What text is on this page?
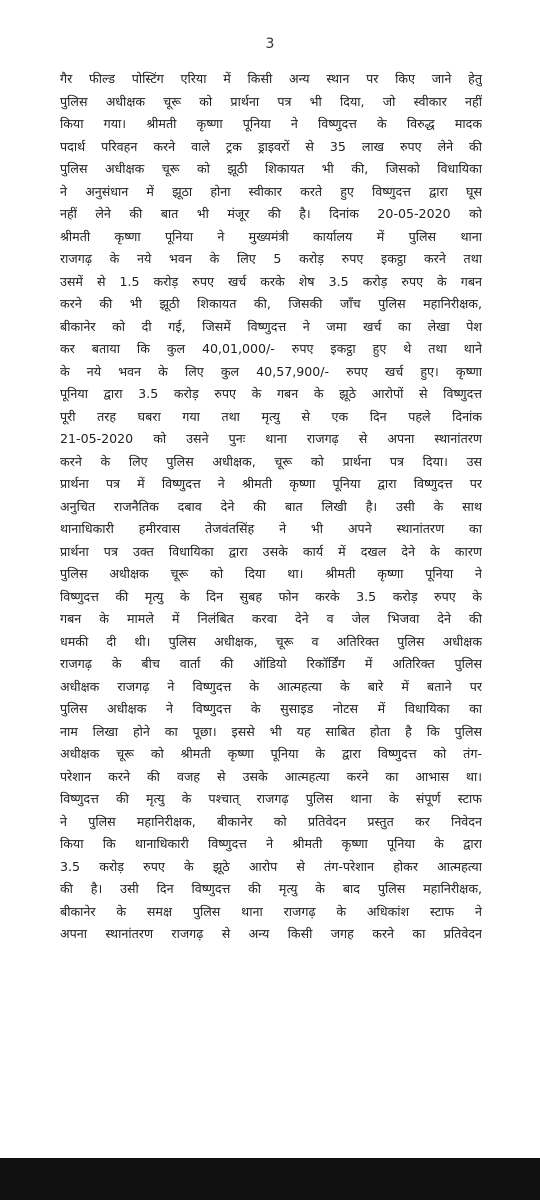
3
गैर फील्ड पोस्टिंग एरिया में किसी अन्य स्थान पर किए जाने हेतु
पुलिस अधीक्षक चूरू को प्रार्थना पत्र भी दिया, जो स्वीकार नहीं
किया गया। श्रीमती कृष्णा पूनिया ने विष्णुदत्त के विरुद्ध मादक
पदार्थ परिवहन करने वाले ट्रक ड्राइवरों से 35 लाख रुपए लेने की
पुलिस अधीक्षक चूरू को झूठी शिकायत भी की, जिसको विधायिका
ने अनुसंधान में झूठा होना स्वीकार करते हुए विष्णुदत्त द्वारा घूस
नहीं लेने की बात भी मंजूर की है। दिनांक 20-05-2020 को
श्रीमती कृष्णा पूनिया ने मुख्यमंत्री कार्यालय में पुलिस थाना
राजगढ़ के नये भवन के लिए 5 करोड़ रुपए इकट्ठा करने तथा
उसमें से 1.5 करोड़ रुपए खर्च करके शेष 3.5 करोड़ रुपए के गबन
करने की भी झूठी शिकायत की, जिसकी जाँच पुलिस महानिरीक्षक,
बीकानेर को दी गई, जिसमें विष्णुदत्त ने जमा खर्च का लेखा पेश
कर बताया कि कुल 40,01,000/- रुपए इकट्ठा हुए थे तथा थाने
के नये भवन के लिए कुल 40,57,900/- रुपए खर्च हुए। कृष्णा
पूनिया द्वारा 3.5 करोड़ रुपए के गबन के झूठे आरोपों से विष्णुदत्त
पूरी तरह घबरा गया तथा मृत्यु से एक दिन पहले दिनांक
21-05-2020 को उसने पुनः थाना राजगढ़ से अपना स्थानांतरण
करने के लिए पुलिस अधीक्षक, चूरू को प्रार्थना पत्र दिया। उस
प्रार्थना पत्र में विष्णुदत्त ने श्रीमती कृष्णा पूनिया द्वारा विष्णुदत्त पर
अनुचित राजनैतिक दबाव देने की बात लिखी है। उसी के साथ
थानाधिकारी हमीरवास तेजवंतसिंह ने भी अपने स्थानांतरण का
प्रार्थना पत्र उक्त विधायिका द्वारा उसके कार्य में दखल देने के कारण
पुलिस अधीक्षक चूरू को दिया था। श्रीमती कृष्णा पूनिया ने
विष्णुदत्त की मृत्यु के दिन सुबह फोन करके 3.5 करोड़ रुपए के
गबन के मामले में निलंबित करवा देने व जेल भिजवा देने की
धमकी दी थी। पुलिस अधीक्षक, चूरू व अतिरिक्त पुलिस अधीक्षक
राजगढ़ के बीच वार्ता की ऑडियो रिकॉर्डिंग में अतिरिक्त पुलिस
अधीक्षक राजगढ़ ने विष्णुदत्त के आत्महत्या के बारे में बताने पर
पुलिस अधीक्षक ने विष्णुदत्त के सुसाइड नोटस में विधायिका का
नाम लिखा होने का पूछा। इससे भी यह साबित होता है कि पुलिस
अधीक्षक चूरू को श्रीमती कृष्णा पूनिया के द्वारा विष्णुदत्त को तंग-
परेशान करने की वजह से उसके आत्महत्या करने का आभास था।
विष्णुदत्त की मृत्यु के पश्चात् राजगढ़ पुलिस थाना के संपूर्ण स्टाफ
ने पुलिस महानिरीक्षक, बीकानेर को प्रतिवेदन प्रस्तुत कर निवेदन
किया कि थानाधिकारी विष्णुदत्त ने श्रीमती कृष्णा पूनिया के द्वारा
3.5 करोड़ रुपए के झूठे आरोप से तंग-परेशान होकर आत्महत्या
की है। उसी दिन विष्णुदत्त की मृत्यु के बाद पुलिस महानिरीक्षक,
बीकानेर के समक्ष पुलिस थाना राजगढ़ के अधिकांश स्टाफ ने
अपना स्थानांतरण राजगढ़ से अन्य किसी जगह करने का प्रतिवेदन
